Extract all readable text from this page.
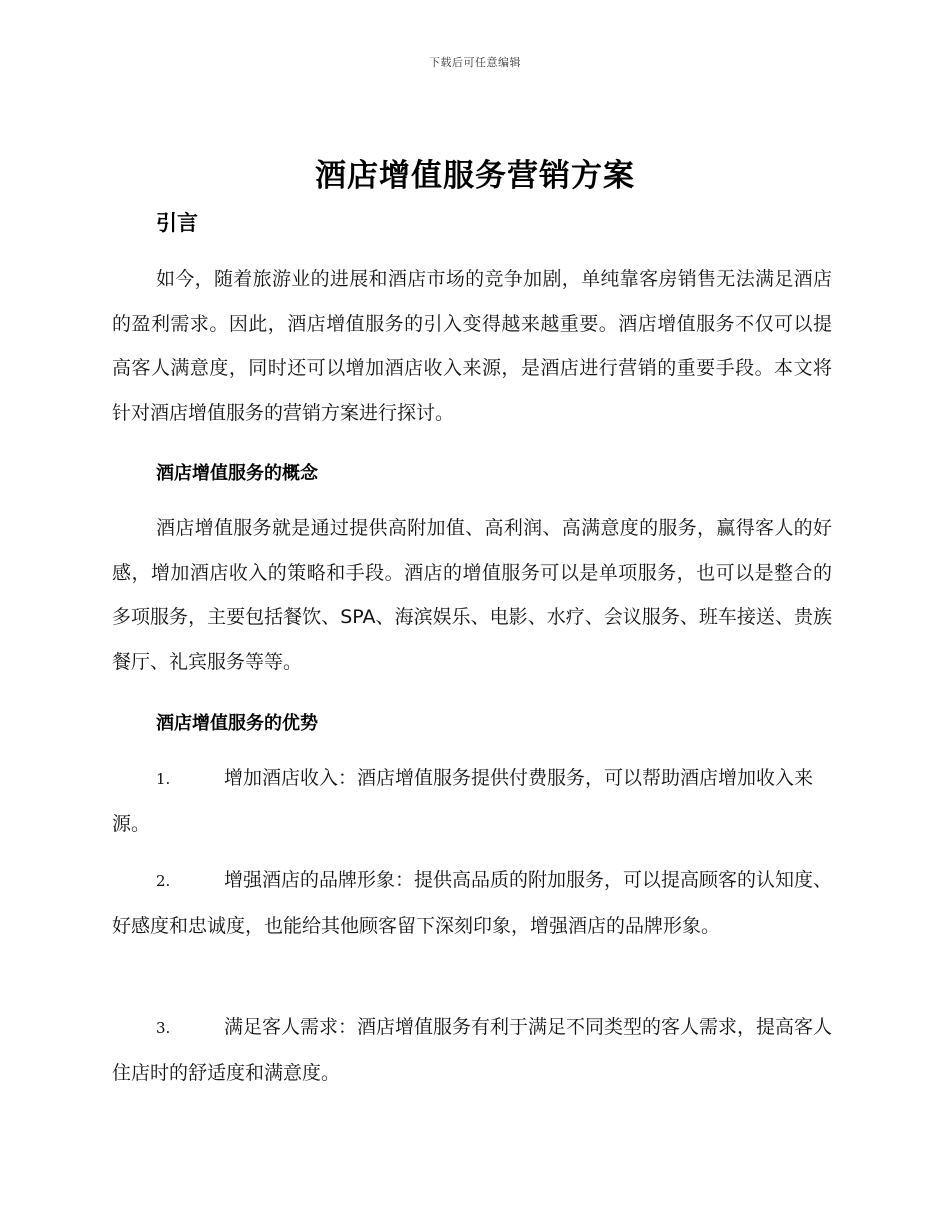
下载后可任意编辑
酒店增值服务营销方案
引言

如今，随着旅游业的进展和酒店市场的竞争加剧，单纯靠客房销售无法满足酒店的盈利需求。因此，酒店增值服务的引入变得越来越重要。酒店增值服务不仅可以提高客人满意度，同时还可以增加酒店收入来源，是酒店进行营销的重要手段。本文将针对酒店增值服务的营销方案进行探讨。

酒店增值服务的概念

酒店增值服务就是通过提供高附加值、高利润、高满意度的服务，赢得客人的好感，增加酒店收入的策略和手段。酒店的增值服务可以是单项服务，也可以是整合的多项服务，主要包括餐饮、SPA、海滨娱乐、电影、水疗、会议服务、班车接送、贵族餐厅、礼宾服务等等。

酒店增值服务的优势

1.	增加酒店收入：酒店增值服务提供付费服务，可以帮助酒店增加收入来源。

2.	增强酒店的品牌形象：提供高品质的附加服务，可以提高顾客的认知度、好感度和忠诚度，也能给其他顾客留下深刻印象，增强酒店的品牌形象。

3.	满足客人需求：酒店增值服务有利于满足不同类型的客人需求，提高客人住店时的舒适度和满意度。
